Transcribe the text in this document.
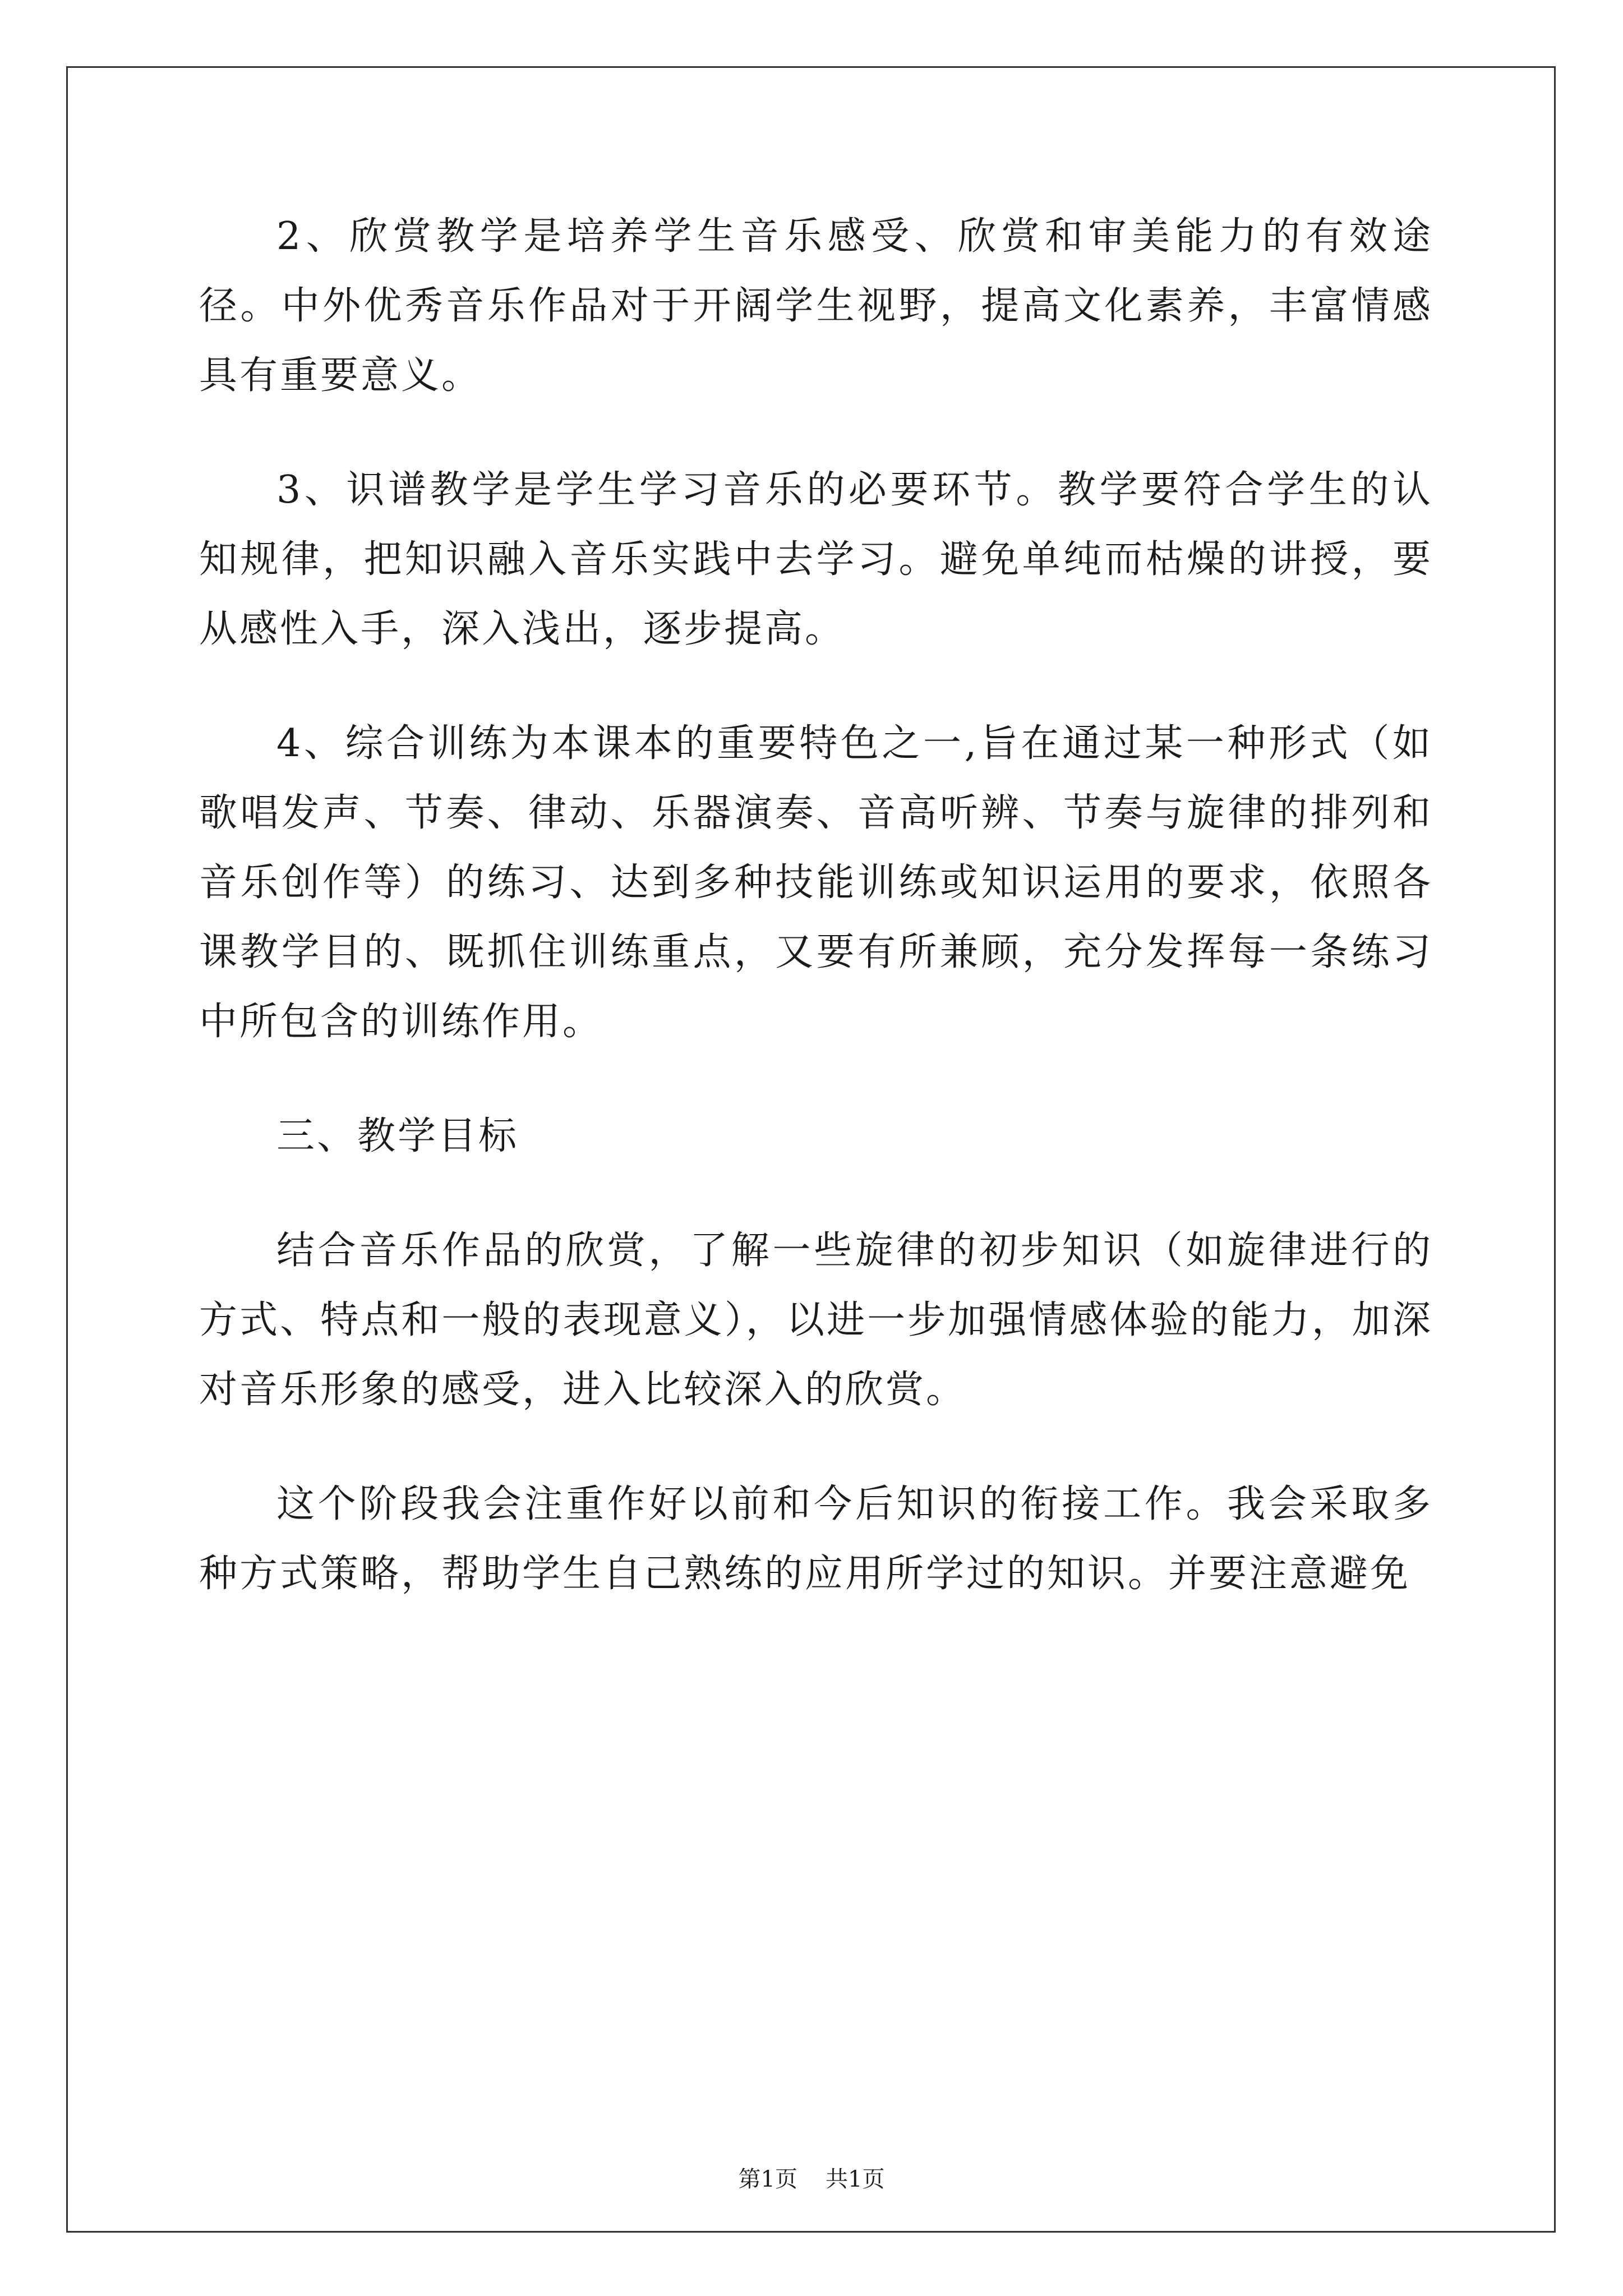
2、欣赏教学是培养学生音乐感受、欣赏和审美能力的有效途径。中外优秀音乐作品对于开阔学生视野，提高文化素养，丰富情感具有重要意义。

3、识谱教学是学生学习音乐的必要环节。教学要符合学生的认知规律，把知识融入音乐实践中去学习。避免单纯而枯燥的讲授，要从感性入手，深入浅出，逐步提高。

4、综合训练为本课本的重要特色之一,旨在通过某一种形式（如歌唱发声、节奏、律动、乐器演奏、音高听辨、节奏与旋律的排列和音乐创作等）的练习、达到多种技能训练或知识运用的要求，依照各课教学目的、既抓住训练重点，又要有所兼顾，充分发挥每一条练习中所包含的训练作用。

三、教学目标

结合音乐作品的欣赏，了解一些旋律的初步知识（如旋律进行的方式、特点和一般的表现意义），以进一步加强情感体验的能力，加深对音乐形象的感受，进入比较深入的欣赏。

这个阶段我会注重作好以前和今后知识的衔接工作。我会采取多种方式策略，帮助学生自己熟练的应用所学过的知识。并要注意避免

第1页 共1页
